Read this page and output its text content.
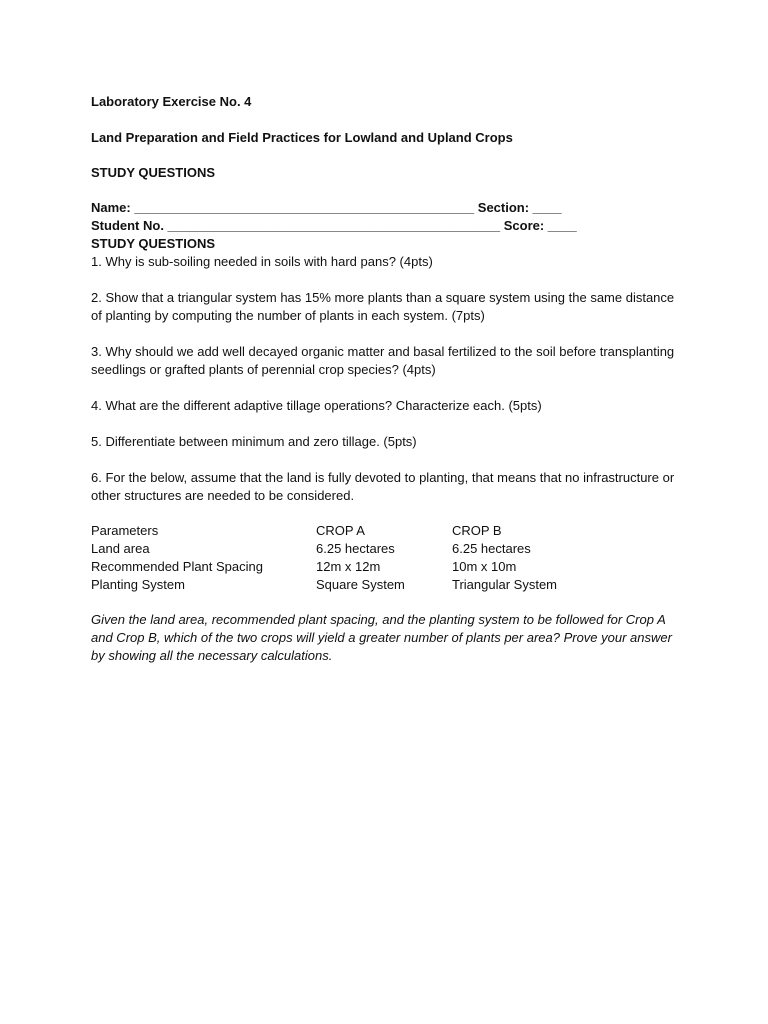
Laboratory Exercise No. 4
Land Preparation and Field Practices for Lowland and Upland Crops
STUDY QUESTIONS
Name: _______________________________________________ Section: ____
Student No. ______________________________________________ Score: ____
STUDY QUESTIONS

1. Why is sub-soiling needed in soils with hard pans? (4pts)

2. Show that a triangular system has 15% more plants than a square system using the same distance of planting by computing the number of plants in each system. (7pts)

3. Why should we add well decayed organic matter and basal fertilized to the soil before transplanting seedlings or grafted plants of perennial crop species? (4pts)

4. What are the different adaptive tillage operations? Characterize each. (5pts)

5. Differentiate between minimum and zero tillage. (5pts)

6. For the below, assume that the land is fully devoted to planting, that means that no infrastructure or other structures are needed to be considered.

Parameters	CROP A	CROP B
Land area	6.25 hectares	6.25 hectares
Recommended Plant Spacing	12m x 12m	10m x 10m
Planting System	Square System	Triangular System
Given the land area, recommended plant spacing, and the planting system to be followed for Crop A and Crop B, which of the two crops will yield a greater number of plants per area? Prove your answer by showing all the necessary calculations.
